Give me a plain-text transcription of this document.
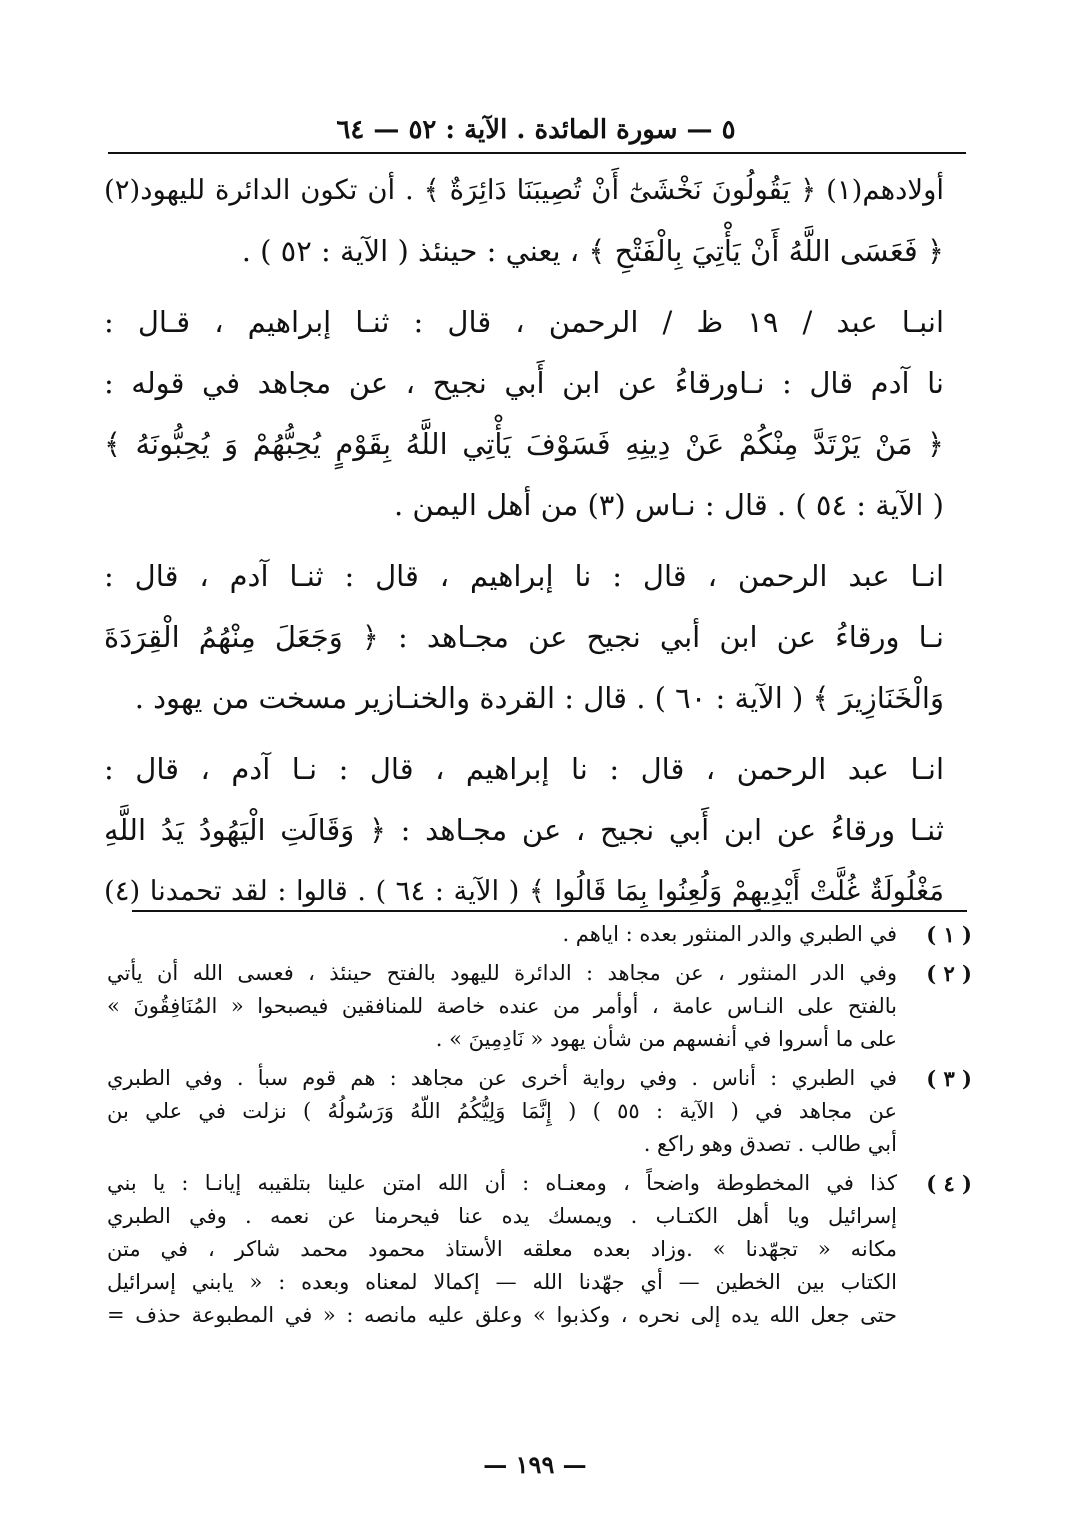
٥ — سورة المائدة . الآية : ٥٢ — ٦٤
أولادهم(١) ﴿ يَقُولُونَ نَخْشَىٰٓ أَنْ تُصِيبَنَا دَائِرَةٌ ﴾ . أن تكون الدائرة لليهود(٢)
﴿ فَعَسَى اللَّهُ أَنْ يَأْتِيَ بِالْفَتْحِ ﴾ ، يعني : حينئذ ( الآية : ٥٢ ) .
انبـا عبد / ١٩ ظ / الرحمن ، قال : ثنـا إبراهيم ، قـال :
نا آدم قال : نـاورقاءُ عن ابن أَبي نجيح ، عن مجاهد في قوله :
﴿ مَنْ يَرْتَدَّ مِنْكُمْ عَنْ دِينِهِ فَسَوْفَ يَأْتِي اللَّهُ بِقَوْمٍ يُحِبُّهُمْ وَ يُحِبُّونَهُ ﴾
( الآية : ٥٤ ) . قال : نـاس (٣) من أهل اليمن .
انـا عبد الرحمن ، قال : نا إبراهيم ، قال : ثنـا آدم ، قال :
نـا ورقاءُ عن ابن أبي نجيح عن مجـاهد : ﴿ وَجَعَلَ مِنْهُمُ الْقِرَدَةَ
وَالْخَنَازِيرَ ﴾ ( الآية : ٦٠ ) . قال : القردة والخنـازير مسخت من يهود .
انـا عبد الرحمن ، قال : نا إبراهيم ، قال : نـا آدم ، قال :
ثنـا ورقاءُ عن ابن أَبي نجيح ، عن مجـاهد : ﴿ وَقَالَتِ الْيَهُودُ يَدُ اللَّهِ
مَغْلُولَةٌ غُلَّتْ أَيْدِيهِمْ وَلُعِنُوا بِمَا قَالُوا ﴾ ( الآية : ٦٤ ) . قالوا : لقد تحمدنا (٤)
( ١ )
في الطبري والدر المنثور بعده : اياهم .
( ٢ )
وفي الدر المنثور ، عن مجاهد : الدائرة لليهود بالفتح حينئذ ، فعسى الله أن يأتي
بالفتح على النـاس عامة ، أوأمر من عنده خاصة للمنافقين فيصبحوا « المُنَافِقُونَ »
على ما أسروا في أنفسهم من شأن يهود « نَادِمِينَ » .
( ٣ )
في الطبري : أناس . وفي رواية أخرى عن مجاهد : هم قوم سبأ . وفي الطبري
عن مجاهد في ( الآية : ٥٥ ) ( إِنَّمَا وَلِيُّكُمُ اللَّهُ وَرَسُولُهُ ) نزلت في علي بن
أبي طالب . تصدق وهو راكع .
( ٤ )
كذا في المخطوطة واضحاً ، ومعنـاه : أن الله امتن علينا بتلقيبه إيانـا : يا بني
إسرائيل ويا أهل الكتـاب . ويمسك يده عنا فيحرمنا عن نعمه . وفي الطبري
مكانه « تجهّدنا » .وزاد بعده معلقه الأستاذ محمود محمد شاكر ، في متن
الكتاب بين الخطين — أي جهّدنا الله — إكمالا لمعناه وبعده : « يابني إسرائيل
حتى جعل الله يده إلى نحره ، وكذبوا » وعلق عليه مانصه : « في المطبوعة حذف =
— ١٩٩ —
